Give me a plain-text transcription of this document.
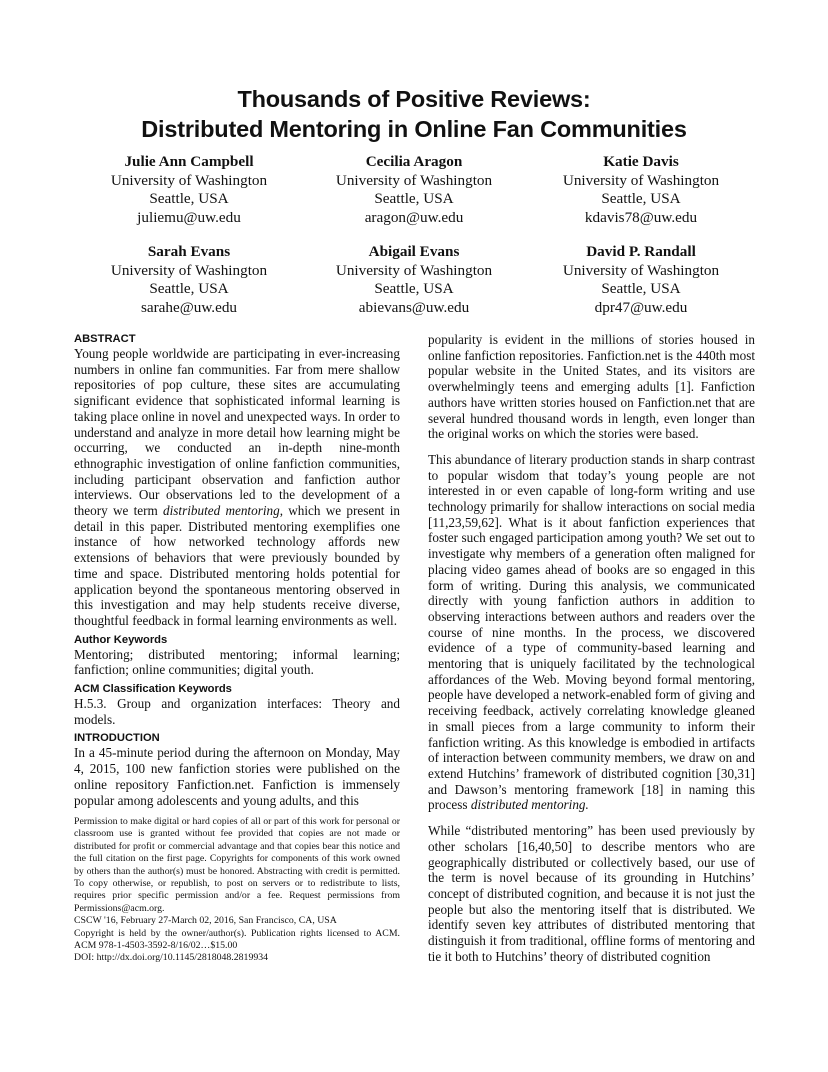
Thousands of Positive Reviews:
Distributed Mentoring in Online Fan Communities
Julie Ann Campbell
University of Washington
Seattle, USA
juliemu@uw.edu
Cecilia Aragon
University of Washington
Seattle, USA
aragon@uw.edu
Katie Davis
University of Washington
Seattle, USA
kdavis78@uw.edu
Sarah Evans
University of Washington
Seattle, USA
sarahe@uw.edu
Abigail Evans
University of Washington
Seattle, USA
abievans@uw.edu
David P. Randall
University of Washington
Seattle, USA
dpr47@uw.edu
ABSTRACT

Young people worldwide are participating in ever-increasing numbers in online fan communities. Far from mere shallow repositories of pop culture, these sites are accumulating significant evidence that sophisticated informal learning is taking place online in novel and unexpected ways. In order to understand and analyze in more detail how learning might be occurring, we conducted an in-depth nine-month ethnographic investigation of online fanfiction communities, including participant observation and fanfiction author interviews. Our observations led to the development of a theory we term distributed mentoring, which we present in detail in this paper. Distributed mentoring exemplifies one instance of how networked technology affords new extensions of behaviors that were previously bounded by time and space. Distributed mentoring holds potential for application beyond the spontaneous mentoring observed in this investigation and may help students receive diverse, thoughtful feedback in formal learning environments as well.

Author Keywords

Mentoring; distributed mentoring; informal learning; fanfiction; online communities; digital youth.

ACM Classification Keywords

H.5.3. Group and organization interfaces: Theory and models.

INTRODUCTION

In a 45-minute period during the afternoon on Monday, May 4, 2015, 100 new fanfiction stories were published on the online repository Fanfiction.net. Fanfiction is immensely popular among adolescents and young adults, and this

Permission to make digital or hard copies of all or part of this work for personal or classroom use is granted without fee provided that copies are not made or distributed for profit or commercial advantage and that copies bear this notice and the full citation on the first page. Copyrights for components of this work owned by others than the author(s) must be honored. Abstracting with credit is permitted. To copy otherwise, or republish, to post on servers or to redistribute to lists, requires prior specific permission and/or a fee. Request permissions from Permissions@acm.org.
CSCW '16, February 27-March 02, 2016, San Francisco, CA, USA
Copyright is held by the owner/author(s). Publication rights licensed to ACM. ACM 978-1-4503-3592-8/16/02…$15.00
DOI: http://dx.doi.org/10.1145/2818048.2819934

popularity is evident in the millions of stories housed in online fanfiction repositories. Fanfiction.net is the 440th most popular website in the United States, and its visitors are overwhelmingly teens and emerging adults [1]. Fanfiction authors have written stories housed on Fanfiction.net that are several hundred thousand words in length, even longer than the original works on which the stories were based.

This abundance of literary production stands in sharp contrast to popular wisdom that today’s young people are not interested in or even capable of long-form writing and use technology primarily for shallow interactions on social media [11,23,59,62]. What is it about fanfiction experiences that foster such engaged participation among youth? We set out to investigate why members of a generation often maligned for placing video games ahead of books are so engaged in this form of writing. During this analysis, we communicated directly with young fanfiction authors in addition to observing interactions between authors and readers over the course of nine months. In the process, we discovered evidence of a type of community-based learning and mentoring that is uniquely facilitated by the technological affordances of the Web. Moving beyond formal mentoring, people have developed a network-enabled form of giving and receiving feedback, actively correlating knowledge gleaned in small pieces from a large community to inform their fanfiction writing. As this knowledge is embodied in artifacts of interaction between community members, we draw on and extend Hutchins’ framework of distributed cognition [30,31] and Dawson’s mentoring framework [18] in naming this process distributed mentoring.

While “distributed mentoring” has been used previously by other scholars [16,40,50] to describe mentors who are geographically distributed or collectively based, our use of the term is novel because of its grounding in Hutchins’ concept of distributed cognition, and because it is not just the people but also the mentoring itself that is distributed. We identify seven key attributes of distributed mentoring that distinguish it from traditional, offline forms of mentoring and tie it both to Hutchins’ theory of distributed cognition
